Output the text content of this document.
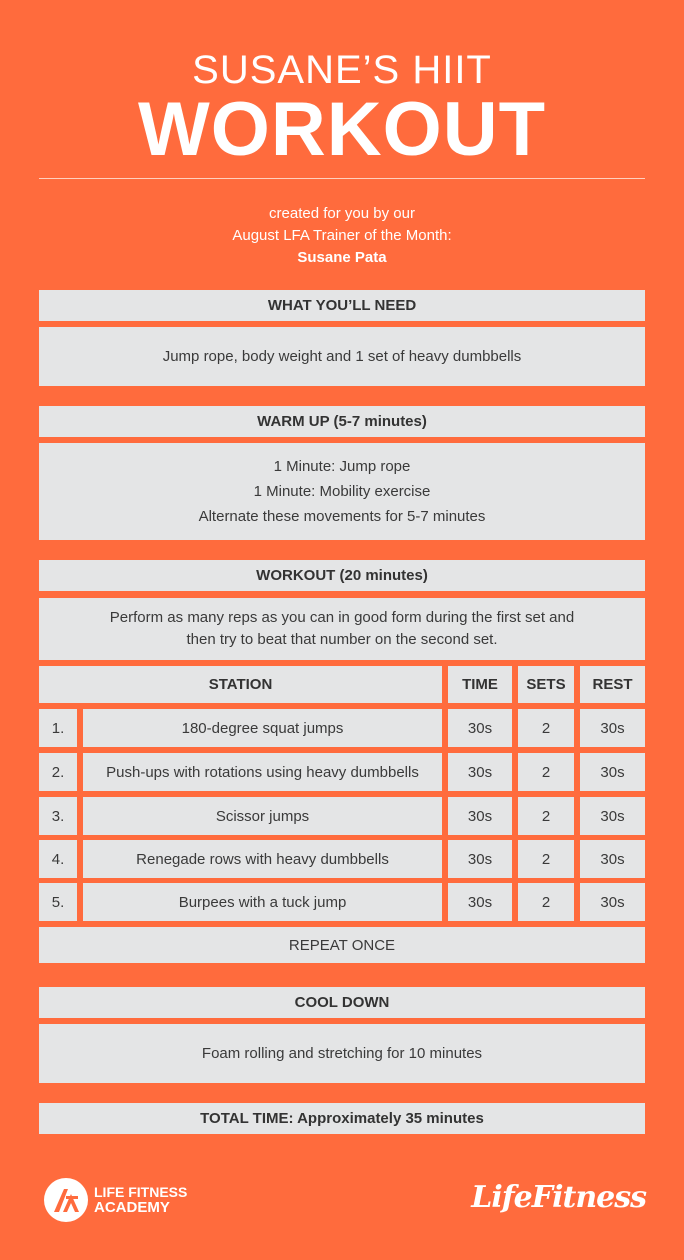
SUSANE’S HIIT
WORKOUT
created for you by our
August LFA Trainer of the Month:
Susane Pata
WHAT YOU’LL NEED
Jump rope, body weight and 1 set of heavy dumbbells
WARM UP (5-7 minutes)
1 Minute: Jump rope
1 Minute: Mobility exercise
Alternate these movements for 5-7 minutes
WORKOUT (20 minutes)
Perform as many reps as you can in good form during the first set and
then try to beat that number on the second set.
STATION	TIME	SETS	REST
1.	180-degree squat jumps	30s	2	30s
2.	Push-ups with rotations using heavy dumbbells	30s	2	30s
3.	Scissor jumps	30s	2	30s
4.	Renegade rows with heavy dumbbells	30s	2	30s
5.	Burpees with a tuck jump	30s	2	30s
REPEAT ONCE
COOL DOWN
Foam rolling and stretching for 10 minutes
TOTAL TIME: Approximately 35 minutes
LIFE FITNESS
ACADEMY	LifeFitness
